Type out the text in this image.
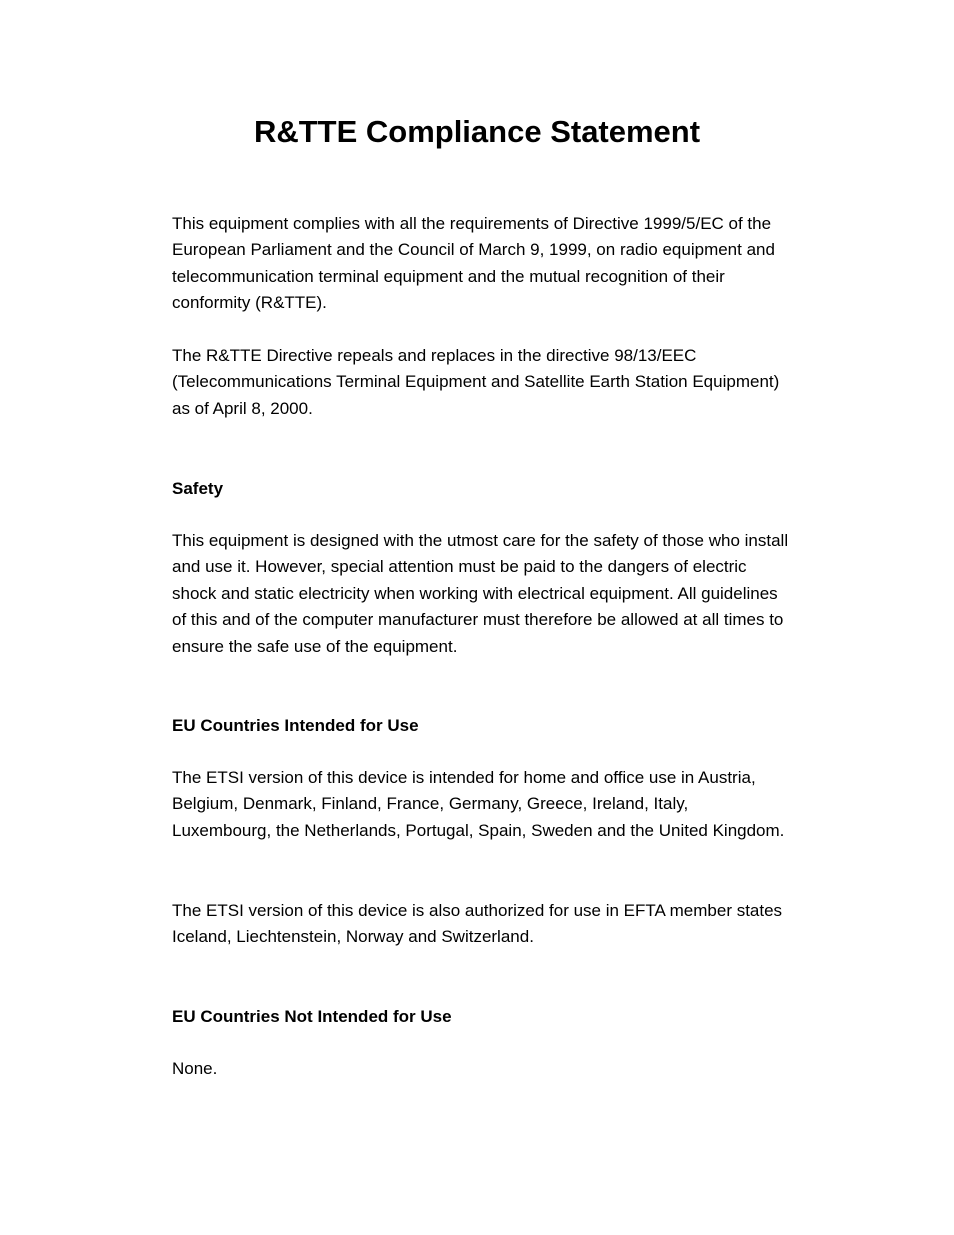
R&TTE Compliance Statement

This equipment complies with all the requirements of Directive 1999/5/EC of the European Parliament and the Council of March 9, 1999, on radio equipment and telecommunication terminal equipment and the mutual recognition of their conformity (R&TTE).

The R&TTE Directive repeals and replaces in the directive 98/13/EEC (Telecommunications Terminal Equipment and Satellite Earth Station Equipment) as of April 8, 2000.

Safety

This equipment is designed with the utmost care for the safety of those who install and use it. However, special attention must be paid to the dangers of electric shock and static electricity when working with electrical equipment. All guidelines of this and of the computer manufacturer must therefore be allowed at all times to ensure the safe use of the equipment.

EU Countries Intended for Use

The ETSI version of this device is intended for home and office use in Austria, Belgium, Denmark, Finland, France, Germany, Greece, Ireland, Italy, Luxembourg, the Netherlands, Portugal, Spain, Sweden and the United Kingdom.

The ETSI version of this device is also authorized for use in EFTA member states Iceland, Liechtenstein, Norway and Switzerland.

EU Countries Not Intended for Use

None.
